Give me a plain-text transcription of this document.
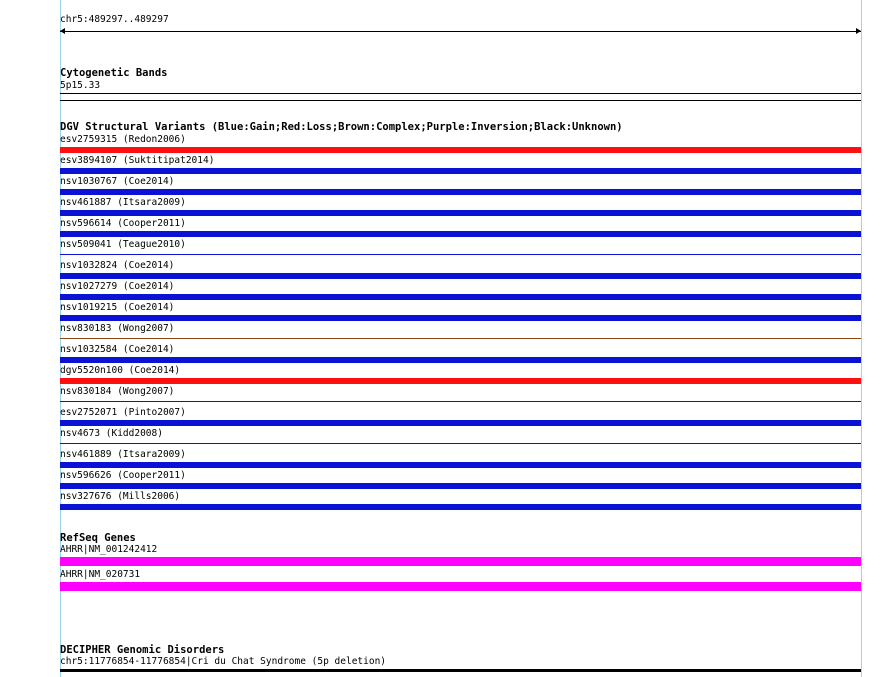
chr5:489297..489297
Cytogenetic Bands
5p15.33
DGV Structural Variants (Blue:Gain;Red:Loss;Brown:Complex;Purple:Inversion;Black:Unknown)
esv2759315 (Redon2006)
esv3894107 (Suktitipat2014)
nsv1030767 (Coe2014)
nsv461887 (Itsara2009)
nsv596614 (Cooper2011)
nsv509041 (Teague2010)
nsv1032824 (Coe2014)
nsv1027279 (Coe2014)
nsv1019215 (Coe2014)
nsv830183 (Wong2007)
nsv1032584 (Coe2014)
dgv5520n100 (Coe2014)
nsv830184 (Wong2007)
esv2752071 (Pinto2007)
nsv4673 (Kidd2008)
nsv461889 (Itsara2009)
nsv596626 (Cooper2011)
nsv327676 (Mills2006)
RefSeq Genes
AHRR|NM_001242412
AHRR|NM_020731
DECIPHER Genomic Disorders
chr5:11776854-11776854|Cri du Chat Syndrome (5p deletion)
